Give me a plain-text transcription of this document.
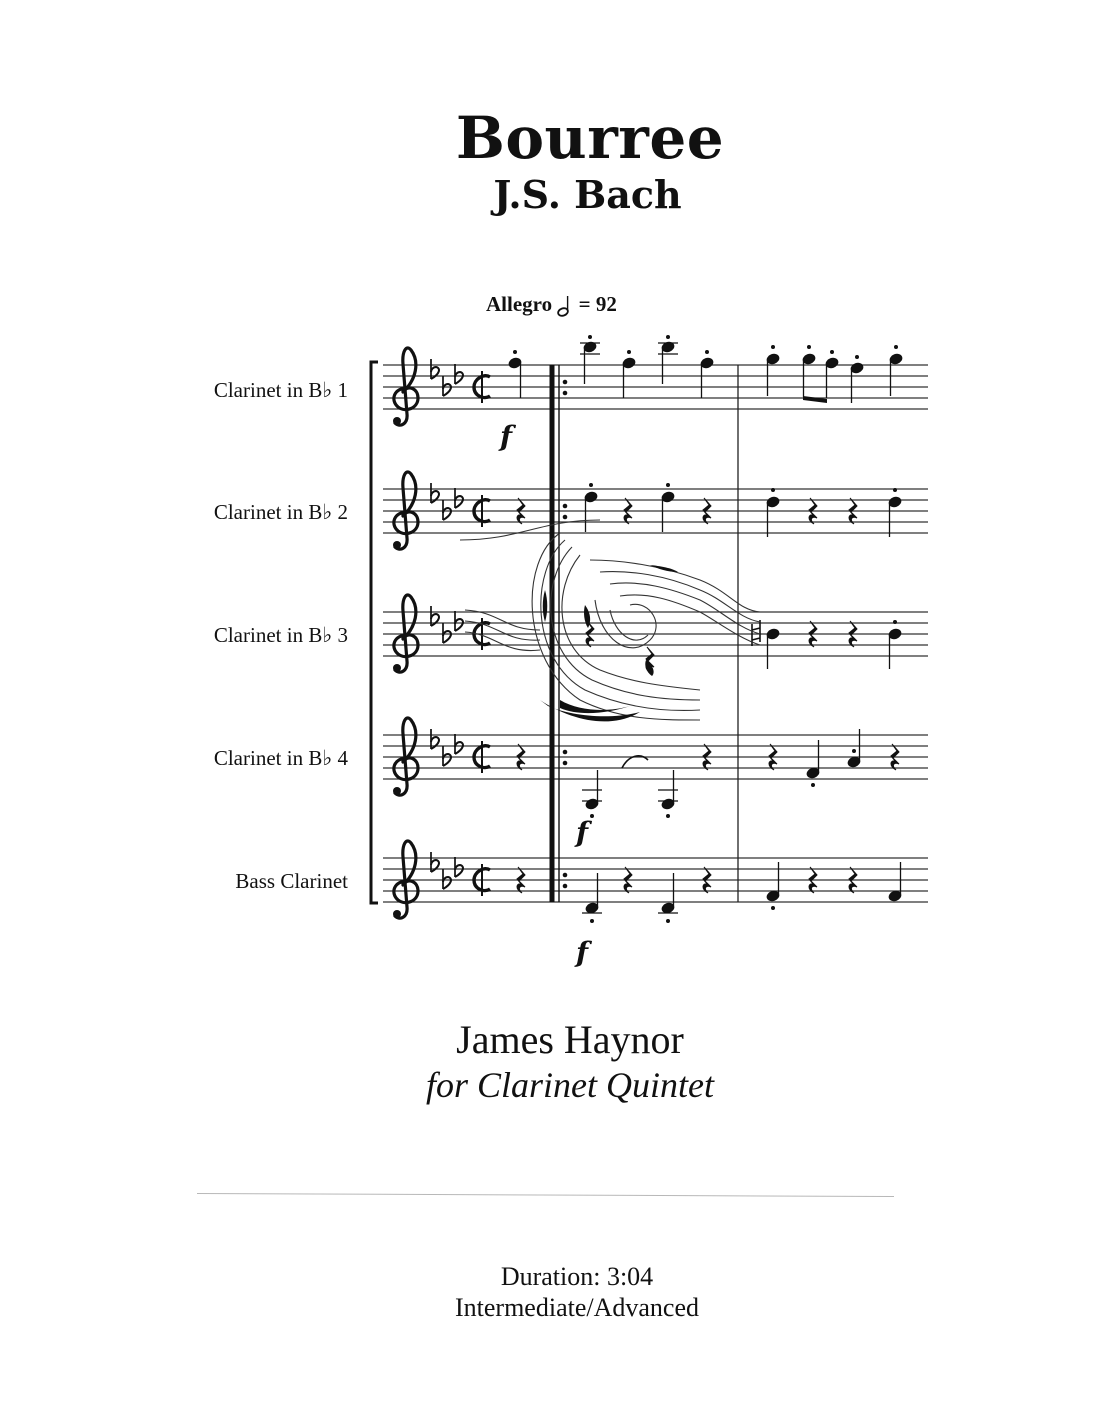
Bourree
J.S. Bach
Allegro = 92
Clarinet in B♭ 1
Clarinet in B♭ 2
Clarinet in B♭ 3
Clarinet in B♭ 4
Bass Clarinet
f
f
f
James Haynor
for Clarinet Quintet
Duration: 3:04
Intermediate/Advanced
